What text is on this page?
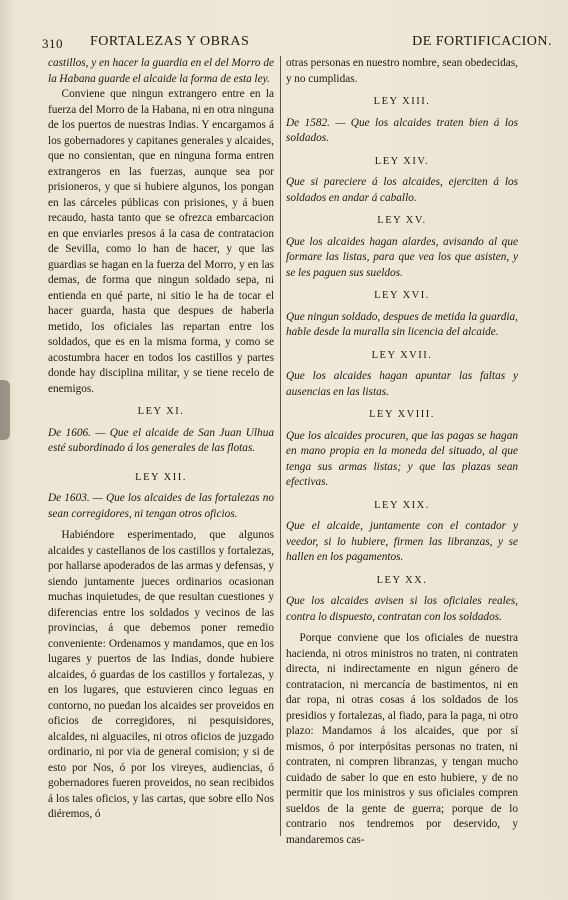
310 FORTALEZAS Y OBRAS	DE FORTIFICACION.

castillos, y en hacer la guardia en el del Morro de la Habana guarde el alcaide la forma de esta ley.

Conviene que ningun extrangero entre en la fuerza del Morro de la Habana, ni en otra ninguna de los puertos de nuestras Indias. Y encargamos á los gobernadores y capitanes generales y alcaides, que no consientan, que en ninguna forma entren extrangeros en las fuerzas, aunque sea por prisioneros, y que si hubiere algunos, los pongan en las cárceles públicas con prisiones, y á buen recaudo, hasta tanto que se ofrezca embarcacion en que enviarles presos á la casa de contratacion de Sevilla, como lo han de hacer, y que las guardias se hagan en la fuerza del Morro, y en las demas, de forma que ningun soldado sepa, ni entienda en qué parte, ni sitio le ha de tocar el hacer guarda, hasta que despues de haberla metido, los oficiales las repartan entre los soldados, que es en la misma forma, y como se acostumbra hacer en todos los castillos y partes donde hay disciplina militar, y se tiene recelo de enemigos.

LEY XI.

De 1606. — Que el alcaide de San Juan Ulhua esté subordinado á los generales de las flotas.

LEY XII.

De 1603. — Que los alcaides de las fortalezas no sean corregidores, ni tengan otros oficios.

Habiéndore esperimentado, que algunos alcaides y castellanos de los castillos y fortalezas, por hallarse apoderados de las armas y defensas, y siendo juntamente jueces ordinarios ocasionan muchas inquietudes, de que resultan cuestiones y diferencias entre los soldados y vecinos de las provincias, á que debemos poner remedio conveniente: Ordenamos y mandamos, que en los lugares y puertos de las Indias, donde hubiere alcaides, ó guardas de los castillos y fortalezas, y en los lugares, que estuvieren cinco leguas en contorno, no puedan los alcaides ser proveidos en oficios de corregidores, ni pesquisidores, alcaldes, ni alguaciles, ni otros oficios de juzgado ordinario, ni por via de general comision; y si de esto por Nos, ó por los vireyes, audiencias, ó gobernadores fueren proveidos, no sean recibidos á los tales oficios, y las cartas, que sobre ello Nos diéremos, ó

otras personas en nuestro nombre, sean obedecidas, y no cumplidas.

LEY XIII.

De 1582. — Que los alcaides traten bien á los soldados.

LEY XIV.

Que si pareciere á los alcaides, ejerciten á los soldados en andar á caballo.

LEY XV.

Que los alcaides hagan alardes, avisando al que formare las listas, para que vea los que asisten, y se les paguen sus sueldos.

LEY XVI.

Que ningun soldado, despues de metida la guardia, hable desde la muralla sin licencia del alcaide.

LEY XVII.

Que los alcaides hagan apuntar las faltas y ausencias en las listas.

LEY XVIII.

Que los alcaides procuren, que las pagas se hagan en mano propia en la moneda del situado, al que tenga sus armas listas; y que las plazas sean efectivas.

LEY XIX.

Que el alcaide, juntamente con el contador y veedor, si lo hubiere, firmen las libranzas, y se hallen en los pagamentos.

LEY XX.

Que los alcaides avisen si los oficiales reales, contra lo dispuesto, contratan con los soldados.

Porque conviene que los oficiales de nuestra hacienda, ni otros ministros no traten, ni contraten directa, ni indirectamente en nigun género de contratacion, ni mercancía de bastimentos, ni en dar ropa, ni otras cosas á los soldados de los presidios y fortalezas, al fiado, para la paga, ni otro plazo: Mandamos á los alcaides, que por sí mismos, ó por interpósitas personas no traten, ni contraten, ni compren libranzas, y tengan mucho cuidado de saber lo que en esto hubiere, y de no permitir que los ministros y sus oficiales compren sueldos de la gente de guerra; porque de lo contrario nos tendremos por deservido, y mandaremos cas-
